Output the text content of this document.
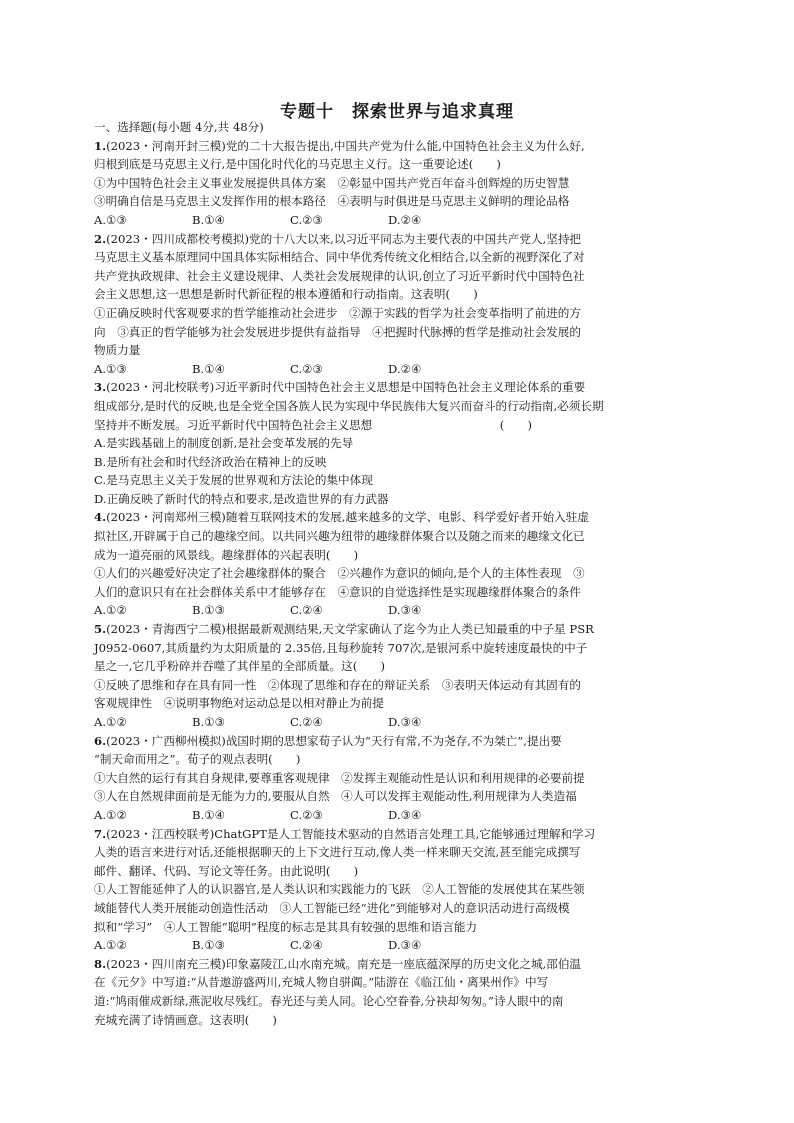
专题十　探索世界与追求真理

一、选择题(每小题 4分,共 48分)

1.(2023・河南开封三模)党的二十大报告提出,中国共产党为什么能,中国特色社会主义为什么好,

归根到底是马克思主义行,是中国化时代化的马克思主义行。这一重要论述(　　)

①为中国特色社会主义事业发展提供具体方案　②彰显中国共产党百年奋斗创辉煌的历史智慧

③明确自信是马克思主义发挥作用的根本路径　④表明与时俱进是马克思主义鲜明的理论品格

A.①③	B.①④	C.②③	D.②④

2.(2023・四川成都校考模拟)党的十八大以来,以习近平同志为主要代表的中国共产党人,坚持把

马克思主义基本原理同中国具体实际相结合、同中华优秀传统文化相结合,以全新的视野深化了对

共产党执政规律、社会主义建设规律、人类社会发展规律的认识,创立了习近平新时代中国特色社

会主义思想,这一思想是新时代新征程的根本遵循和行动指南。这表明(　　)

①正确反映时代客观要求的哲学能推动社会进步　②源于实践的哲学为社会变革指明了前进的方

向　③真正的哲学能够为社会发展进步提供有益指导　④把握时代脉搏的哲学是推动社会发展的

物质力量

A.①③	B.①④	C.②③	D.②④

3.(2023・河北校联考)习近平新时代中国特色社会主义思想是中国特色社会主义理论体系的重要

组成部分,是时代的反映,也是全党全国各族人民为实现中华民族伟大复兴而奋斗的行动指南,必须长期

坚持并不断发展。习近平新时代中国特色社会主义思想　　　　　　　　　　　(　　)

A.是实践基础上的制度创新,是社会变革发展的先导

B.是所有社会和时代经济政治在精神上的反映

C.是马克思主义关于发展的世界观和方法论的集中体现

D.正确反映了新时代的特点和要求,是改造世界的有力武器

4.(2023・河南郑州三模)随着互联网技术的发展,越来越多的文学、电影、科学爱好者开始入驻虚

拟社区,开辟属于自己的趣缘空间。以共同兴趣为纽带的趣缘群体聚合以及随之而来的趣缘文化已

成为一道亮丽的风景线。趣缘群体的兴起表明(　　)

①人们的兴趣爱好决定了社会趣缘群体的聚合　②兴趣作为意识的倾向,是个人的主体性表现　③

人们的意识只有在社会群体关系中才能够存在　④意识的自觉选择性是实现趣缘群体聚合的条件

A.①②	B.①③	C.②④	D.③④

5.(2023・青海西宁二模)根据最新观测结果,天文学家确认了迄今为止人类已知最重的中子星 PSR

J0952-0607,其质量约为太阳质量的 2.35倍,且每秒旋转 707次,是银河系中旋转速度最快的中子

星之一,它几乎粉碎并吞噬了其伴星的全部质量。这(　　)

①反映了思维和存在具有同一性　②体现了思维和存在的辩证关系　③表明天体运动有其固有的

客观规律性　④说明事物绝对运动总是以相对静止为前提

A.①②	B.①③	C.②④	D.③④

6.(2023・广西柳州模拟)战国时期的思想家荀子认为“天行有常,不为尧存,不为桀亡”,提出要

“制天命而用之”。荀子的观点表明(　　)

①大自然的运行有其自身规律,要尊重客观规律　②发挥主观能动性是认识和利用规律的必要前提

③人在自然规律面前是无能为力的,要服从自然　④人可以发挥主观能动性,利用规律为人类造福

A.①②	B.①④	C.②③	D.③④

7.(2023・江西校联考)ChatGPT是人工智能技术驱动的自然语言处理工具,它能够通过理解和学习

人类的语言来进行对话,还能根据聊天的上下文进行互动,像人类一样来聊天交流,甚至能完成撰写

邮件、翻译、代码、写论文等任务。由此说明(　　)

①人工智能延伸了人的认识器官,是人类认识和实践能力的飞跃　②人工智能的发展使其在某些领

域能替代人类开展能动创造性活动　③人工智能已经“进化”到能够对人的意识活动进行高级模

拟和“学习”　④人工智能“聪明”程度的标志是其具有较强的思维和语言能力

A.①②	B.①③	C.②④	D.③④

8.(2023・四川南充三模)印象嘉陵江,山水南充城。南充是一座底蕴深厚的历史文化之城,邵伯温

在《元夕》中写道:“从昔遨游盛两川,充城人物自骈阗。”陆游在《临江仙・离果州作》中写

道:“鸠雨催成新绿,燕泥收尽残红。春光还与美人同。论心空眷眷,分袂却匆匆。”诗人眼中的南

充城充满了诗情画意。这表明(　　)
